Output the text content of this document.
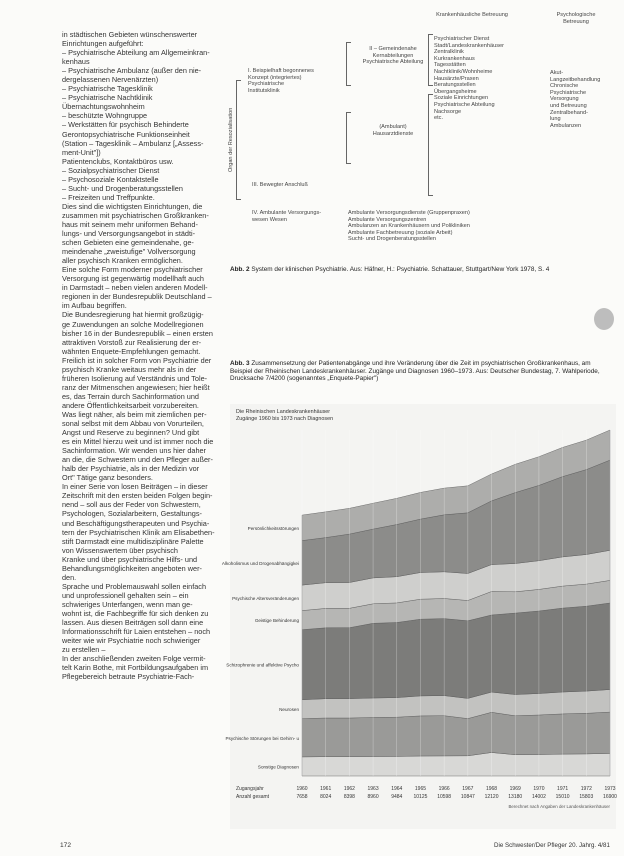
in städtischen Gebieten wünschenswerter

Einrichtungen aufgeführt:

– Psychiatrische Abteilung am Allgemeinkran-

kenhaus

– Psychiatrische Ambulanz (außer den nie-

dergelassenen Nervenärzten)

– Psychiatrische Tagesklinik

– Psychiatrische Nachtklinik

Übernachtungswohnheim

– beschützte Wohngruppe

– Werkstätten für psychisch Behinderte

Gerontopsychiatrische Funktionseinheit

(Station – Tagesklinik – Ambulanz [„Assess-

ment-Unit"])

Patientenclubs, Kontaktbüros usw.

– Sozialpsychiatrischer Dienst

– Psychosoziale Kontaktstelle

– Sucht- und Drogenberatungsstellen

– Freizeiten und Treffpunkte.

Dies sind die wichtigsten Einrichtungen, die

zusammen mit psychiatrischen Großkranken-

haus mit seinem mehr uniformen Behand-

lungs- und Versorgungsangebot in städti-

schen Gebieten eine gemeindenahe, ge-

meindenahe „zweistufige" Vollversorgung

aller psychisch Kranken ermöglichen.

Eine solche Form moderner psychiatrischer

Versorgung ist gegenwärtig modellhaft auch

in Darmstadt – neben vielen anderen Modell-

regionen in der Bundesrepublik Deutschland –

im Aufbau begriffen.

Die Bundesregierung hat hiermit großzügig-

ge Zuwendungen an solche Modellregionen

bisher 16 in der Bundesrepublik – einen ersten

attraktiven Vorstoß zur Realisierung der er-

wähnten Enquete-Empfehlungen gemacht.

Freilich ist in solcher Form von Psychiatrie der

psychisch Kranke weitaus mehr als in der

früheren Isolierung auf Verständnis und Tole-

ranz der Mitmenschen angewiesen; hier heißt

es, das Terrain durch Sachinformation und

andere Öffentlichkeitsarbeit vorzubereiten.

Was liegt näher, als beim mit ziemlichen per-

sonal selbst mit dem Abbau von Vorurteilen,

Angst und Reserve zu beginnen? Und gibt

es ein Mittel hierzu weit und ist immer noch die

Sachinformation. Wir wenden uns hier daher

an die, die Schwestern und den Pfleger außer-

halb der Psychiatrie, als in der Medizin vor

Ort" Tätige ganz besonders.

In einer Serie von losen Beiträgen – in dieser

Zeitschrift mit den ersten beiden Folgen begin-

nend – soll aus der Feder von Schwestern,

Psychologen, Sozialarbeitern, Gestaltungs-

und Beschäftigungstherapeuten und Psychia-

tern der Psychiatrischen Klinik am Elisabethen-

stift Darmstadt eine multidisziplinäre Palette

von Wissenswertem über psychisch

Kranke und über psychiatrische Hilfs- und

Behandlungsmöglichkeiten angeboten wer-

den.

Sprache und Problemauswahl sollen einfach

und unprofessionell gehalten sein – ein

schwieriges Unterfangen, wenn man ge-

wohnt ist, die Fachbegriffe für sich denken zu

lassen. Aus diesen Beiträgen soll dann eine

Informationsschrift für Laien entstehen – noch

weiter wie wir Psychiatrie noch schwieriger

zu erstellen –

In der anschließenden zweiten Folge vermit-

telt Karin Bothe, mit Fortbildungsaufgaben im

Pflegebereich betraute Psychiatrie-Fach-

Organ der Resozialisation
Krankenhäusliche Betreuung	Psychologische Betreuung
I. Beispielhaft begonnenes
Konzept (integriertes)
Psychiatrische
Institutsklinik
II – Gemeindenahe
Kernabteilungen
Psychiatrische Abteilung
(Ambulant)
Hausarztdienste
III. Bewegter Anschluß
IV. Ambulante Versorgungs-
wesen Wesen
Psychiatrischer Dienst
Stadt/Landeskrankenhäuser
Zentralklinik
Kurkrankenhaus
Tagesstätten
Nachtklinik/Wohnheime
Hausärzte/Praxen
Beratungsstellen
Übergangsheime
Soziale Einrichtungen
Psychiatrische Abteilung
Nachsorge
etc.
Akut-
Langzeitbehandlung
Chronische
Psychiatrische
Versorgung
und Betreuung
Zentralbehand-
lung
Ambulanzen
Ambulante Versorgungsdienste (Gruppenpraxen)
Ambulante Versorgungszentren
Ambulanzen an Krankenhäusern und Polikliniken
Ambulante Fachbetreuung (soziale Arbeit)
Sucht- und Drogenberatungsstellen
Abb. 2 System der klinischen Psychiatrie. Aus: Häfner, H.: Psychiatrie. Schattauer, Stuttgart/New York 1978, S. 4
Abb. 3 Zusammensetzung der Patientenabgänge und ihre Veränderung über die Zeit im psychiatrischen Großkrankenhaus, am Beispiel der Rheinischen Landeskrankenhäuser. Zugänge und Diagnosen 1960–1973. Aus: Deutscher Bundestag, 7. Wahlperiode, Drucksache 7/4200 (sogenanntes „Enquete-Papier")
Die Rheinischen Landeskrankenhäuser
Zugänge 1960 bis 1973 nach Diagnosen
Sonstige Diagnosen
Psychische Störungen bei Gehirn- u
Neurosen
Schizophrenie und affektive Psycho
Geistige Behinderung
Psychische Altersveränderungen
Alkoholismus und Drogenabhängigkei
Persönlichkeitsstörungen
Zugangsjahr
Anzahl gesamt
1960
7658
1961
8024
1962
8398
1963
8960
1964
9484
1965
10125
1966
10598
1967
10847
1968
12120
1969
13180
1970
14002
1971
15010
1972
15803
1973
16900
Berechnet nach Angaben der Landeskrankenhäuser
172	Die Schwester/Der Pfleger 20. Jahrg. 4/81
